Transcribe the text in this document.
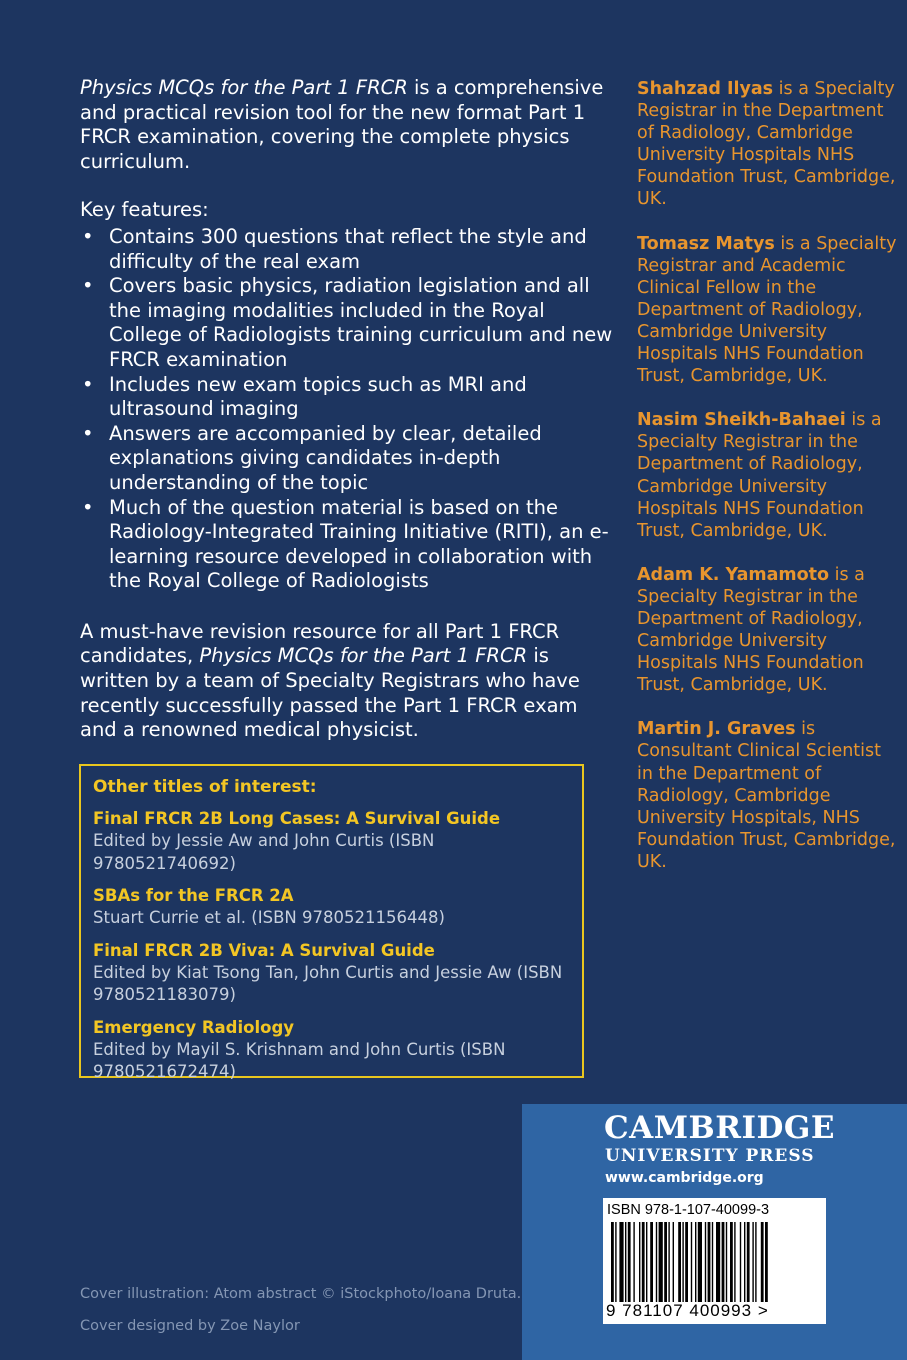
Physics MCQs for the Part 1 FRCR is a comprehensive and practical revision tool for the new format Part 1 FRCR examination, covering the complete physics curriculum.

Key features:

• Contains 300 questions that reflect the style and difficulty of the real exam
• Covers basic physics, radiation legislation and all the imaging modalities included in the Royal College of Radiologists training curriculum and new FRCR examination
• Includes new exam topics such as MRI and ultrasound imaging
• Answers are accompanied by clear, detailed explanations giving candidates in-depth understanding of the topic
• Much of the question material is based on the Radiology-Integrated Training Initiative (RITI), an e-learning resource developed in collaboration with the Royal College of Radiologists

A must-have revision resource for all Part 1 FRCR candidates, Physics MCQs for the Part 1 FRCR is written by a team of Specialty Registrars who have recently successfully passed the Part 1 FRCR exam and a renowned medical physicist.

Other titles of interest:
Final FRCR 2B Long Cases: A Survival Guide
Edited by Jessie Aw and John Curtis (ISBN 9780521740692)
SBAs for the FRCR 2A
Stuart Currie et al. (ISBN 9780521156448)
Final FRCR 2B Viva: A Survival Guide
Edited by Kiat Tsong Tan, John Curtis and Jessie Aw (ISBN 9780521183079)
Emergency Radiology
Edited by Mayil S. Krishnam and John Curtis (ISBN 9780521672474)
Shahzad Ilyas is a Specialty Registrar in the Department of Radiology, Cambridge University Hospitals NHS Foundation Trust, Cambridge, UK.
Tomasz Matys is a Specialty Registrar and Academic Clinical Fellow in the Department of Radiology, Cambridge University Hospitals NHS Foundation Trust, Cambridge, UK.
Nasim Sheikh-Bahaei is a Specialty Registrar in the Department of Radiology, Cambridge University Hospitals NHS Foundation Trust, Cambridge, UK.
Adam K. Yamamoto is a Specialty Registrar in the Department of Radiology, Cambridge University Hospitals NHS Foundation Trust, Cambridge, UK.
Martin J. Graves is Consultant Clinical Scientist in the Department of Radiology, Cambridge University Hospitals, NHS Foundation Trust, Cambridge, UK.
CAMBRIDGE
UNIVERSITY PRESS
www.cambridge.org
ISBN 978-1-107-40099-3
9 781107 400993 >
Cover illustration: Atom abstract © iStockphoto/Ioana Druta.
Cover designed by Zoe Naylor
